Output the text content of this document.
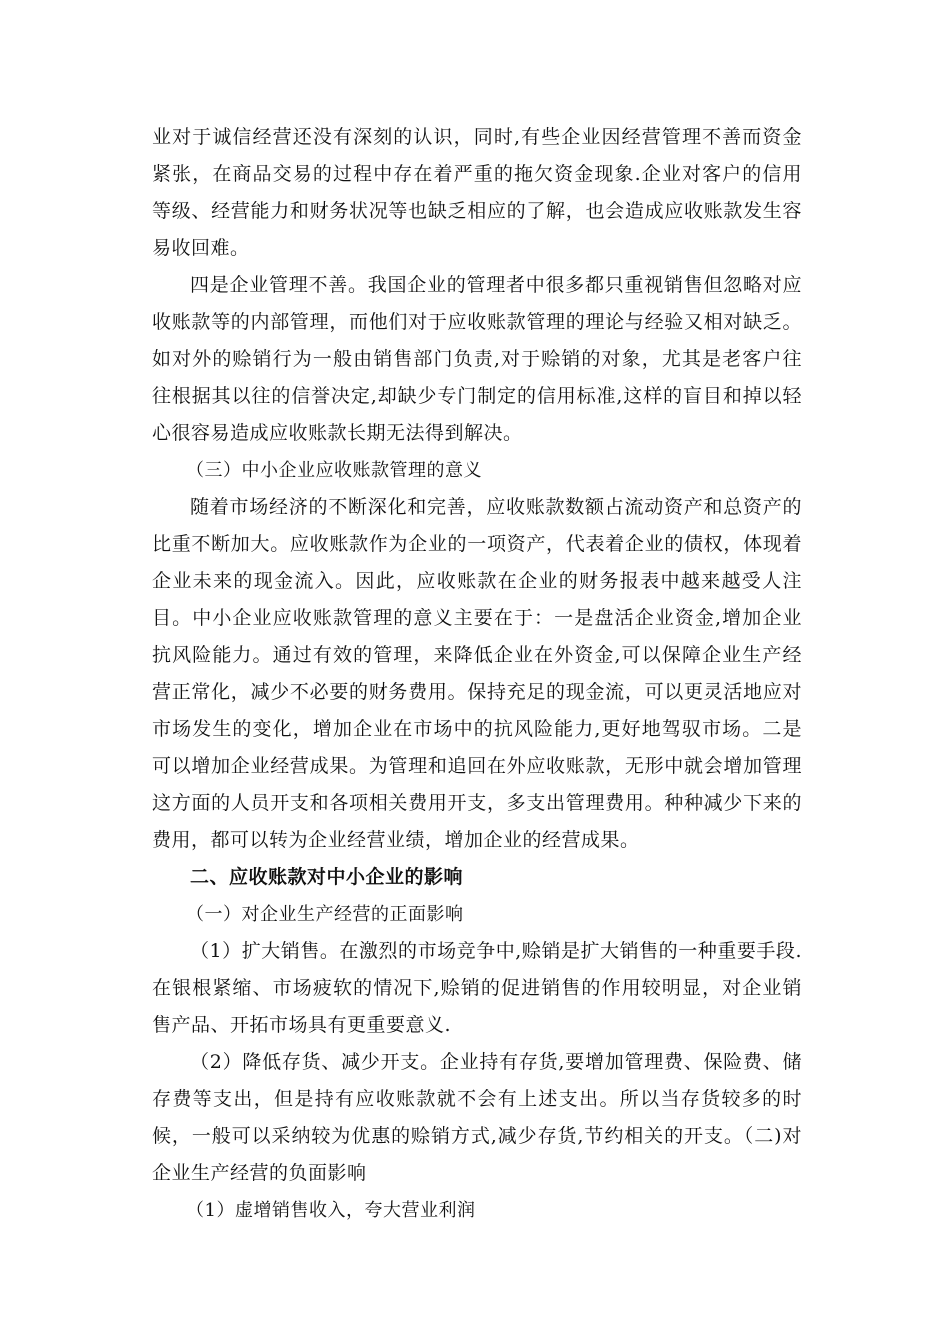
业对于诚信经营还没有深刻的认识，同时,有些企业因经营管理不善而资金紧张，在商品交易的过程中存在着严重的拖欠资金现象.企业对客户的信用等级、经营能力和财务状况等也缺乏相应的了解，也会造成应收账款发生容易收回难。

四是企业管理不善。我国企业的管理者中很多都只重视销售但忽略对应收账款等的内部管理，而他们对于应收账款管理的理论与经验又相对缺乏。如对外的赊销行为一般由销售部门负责,对于赊销的对象，尤其是老客户往往根据其以往的信誉决定,却缺少专门制定的信用标准,这样的盲目和掉以轻心很容易造成应收账款长期无法得到解决。

（三）中小企业应收账款管理的意义

随着市场经济的不断深化和完善，应收账款数额占流动资产和总资产的比重不断加大。应收账款作为企业的一项资产，代表着企业的债权，体现着企业未来的现金流入。因此，应收账款在企业的财务报表中越来越受人注目。中小企业应收账款管理的意义主要在于：一是盘活企业资金,增加企业抗风险能力。通过有效的管理，来降低企业在外资金,可以保障企业生产经营正常化，减少不必要的财务费用。保持充足的现金流，可以更灵活地应对市场发生的变化，增加企业在市场中的抗风险能力,更好地驾驭市场。二是可以增加企业经营成果。为管理和追回在外应收账款，无形中就会增加管理这方面的人员开支和各项相关费用开支，多支出管理费用。种种减少下来的费用，都可以转为企业经营业绩，增加企业的经营成果。

二、应收账款对中小企业的影响

（一）对企业生产经营的正面影响

（1）扩大销售。在激烈的市场竞争中,赊销是扩大销售的一种重要手段.在银根紧缩、市场疲软的情况下,赊销的促进销售的作用较明显，对企业销售产品、开拓市场具有更重要意义.

（2）降低存货、减少开支。企业持有存货,要增加管理费、保险费、储存费等支出，但是持有应收账款就不会有上述支出。所以当存货较多的时候，一般可以采纳较为优惠的赊销方式,减少存货,节约相关的开支。（二)对企业生产经营的负面影响

（1）虚增销售收入，夸大营业利润
